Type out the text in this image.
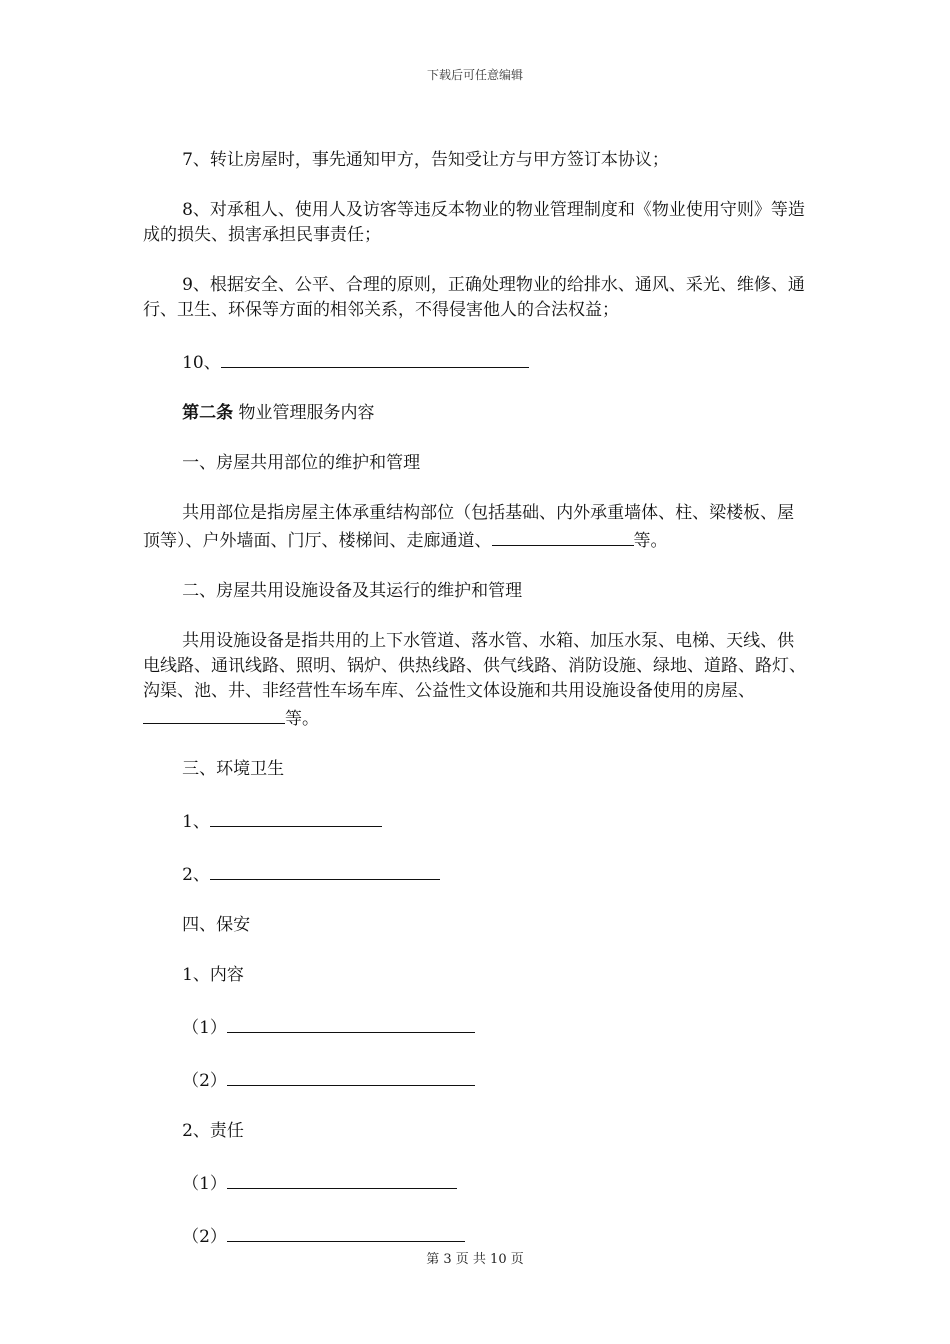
下载后可任意编辑

7、转让房屋时，事先通知甲方，告知受让方与甲方签订本协议；

8、对承租人、使用人及访客等违反本物业的物业管理制度和《物业使用守则》等造成的损失、损害承担民事责任；

9、根据安全、公平、合理的原则，正确处理物业的给排水、通风、采光、维修、通行、卫生、环保等方面的相邻关系，不得侵害他人的合法权益；

10、

第二条 物业管理服务内容

一、房屋共用部位的维护和管理

共用部位是指房屋主体承重结构部位（包括基础、内外承重墙体、柱、梁楼板、屋顶等）、户外墙面、门厅、楼梯间、走廊通道、	等。

二、房屋共用设施设备及其运行的维护和管理

共用设施设备是指共用的上下水管道、落水管、水箱、加压水泵、电梯、天线、供电线路、通讯线路、照明、锅炉、供热线路、供气线路、消防设施、绿地、道路、路灯、沟渠、池、井、非经营性车场车库、公益性文体设施和共用设施设备使用的房屋、等。

三、环境卫生

1、

2、

四、保安

1、内容

（1）

（2）

2、责任

（1）

（2）

第 3 页 共 10 页
